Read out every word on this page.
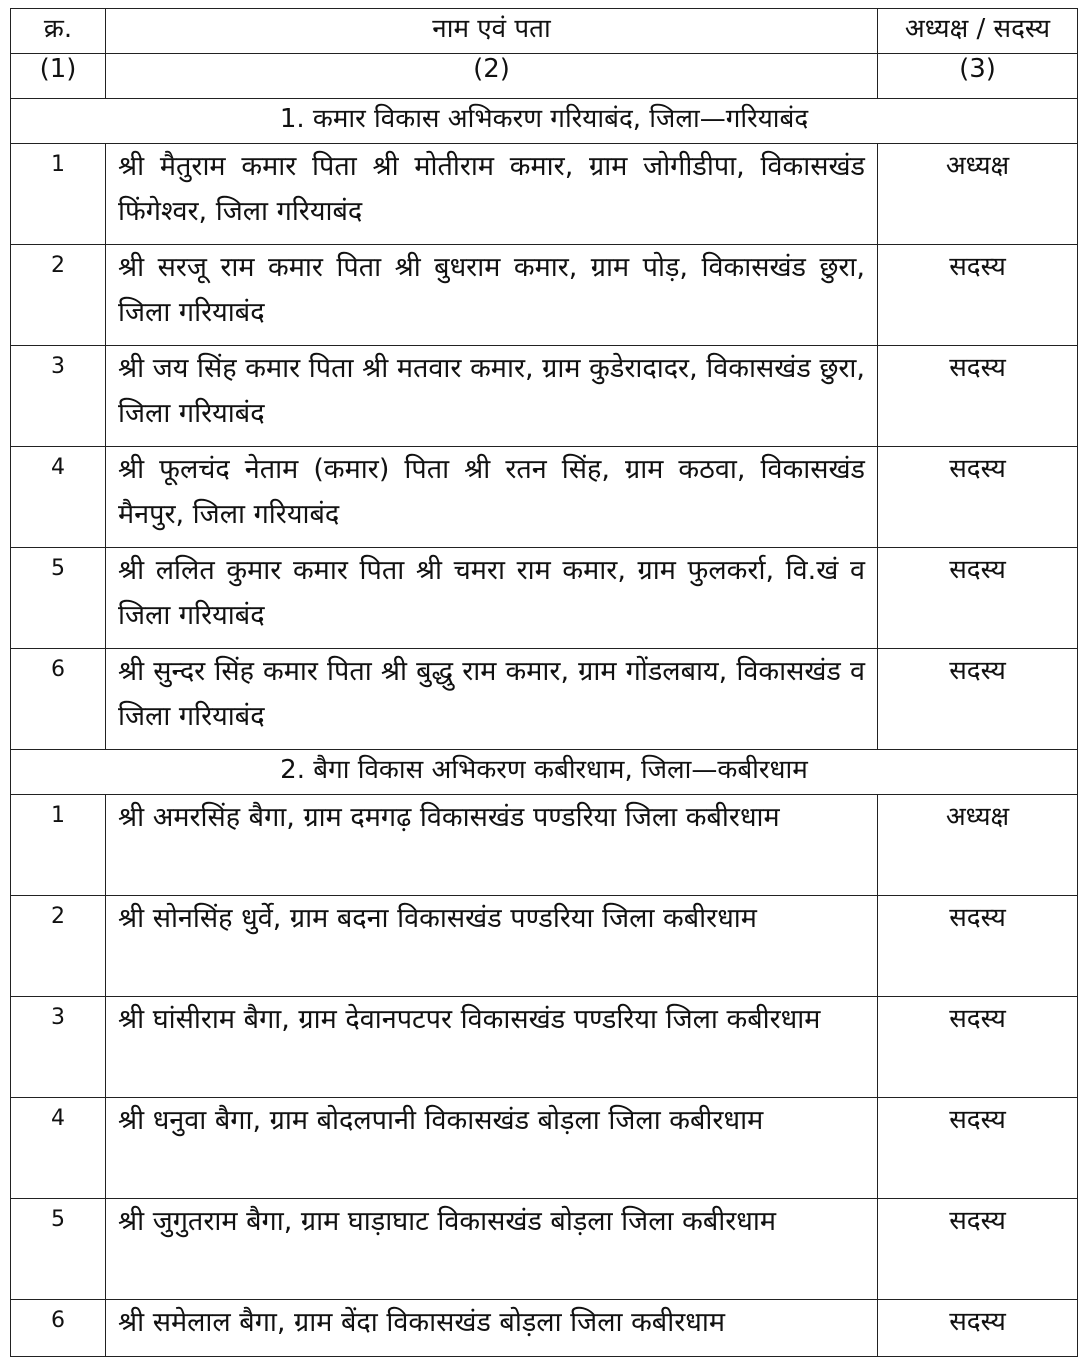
क्र.	नाम एवं पता	अध्यक्ष / सदस्य
(1)	(2)	(3)
1. कमार विकास अभिकरण गरियाबंद, जिला—गरियाबंद		
1	श्री मैतुराम कमार पिता श्री मोतीराम कमार, ग्राम जोगीडीपा, विकासखंड फिंगेश्वर, जिला गरियाबंद	अध्यक्ष
2	श्री सरजू राम कमार पिता श्री बुधराम कमार, ग्राम पोड़, विकासखंड छुरा, जिला गरियाबंद	सदस्य
3	श्री जय सिंह कमार पिता श्री मतवार कमार, ग्राम कुडेरादादर, विकासखंड छुरा, जिला गरियाबंद	सदस्य
4	श्री फूलचंद नेताम (कमार) पिता श्री रतन सिंह, ग्राम कठवा, विकासखंड मैनपुर, जिला गरियाबंद	सदस्य
5	श्री ललित कुमार कमार पिता श्री चमरा राम कमार, ग्राम फुलकर्रा, वि.खं व जिला गरियाबंद	सदस्य
6	श्री सुन्दर सिंह कमार पिता श्री बुद्धु राम कमार, ग्राम गोंडलबाय, विकासखंड व जिला गरियाबंद	सदस्य
2. बैगा विकास अभिकरण कबीरधाम, जिला—कबीरधाम		
1	श्री अमरसिंह बैगा, ग्राम दमगढ़ विकासखंड पण्डरिया जिला कबीरधाम	अध्यक्ष
2	श्री सोनसिंह धुर्वे, ग्राम बदना विकासखंड पण्डरिया जिला कबीरधाम	सदस्य
3	श्री घांसीराम बैगा, ग्राम देवानपटपर विकासखंड पण्डरिया जिला कबीरधाम	सदस्य
4	श्री धनुवा बैगा, ग्राम बोदलपानी विकासखंड बोड़ला जिला कबीरधाम	सदस्य
5	श्री जुगुतराम बैगा, ग्राम घाड़ाघाट विकासखंड बोड़ला जिला कबीरधाम	सदस्य
6	श्री समेलाल बैगा, ग्राम बेंदा विकासखंड बोड़ला जिला कबीरधाम	सदस्य
